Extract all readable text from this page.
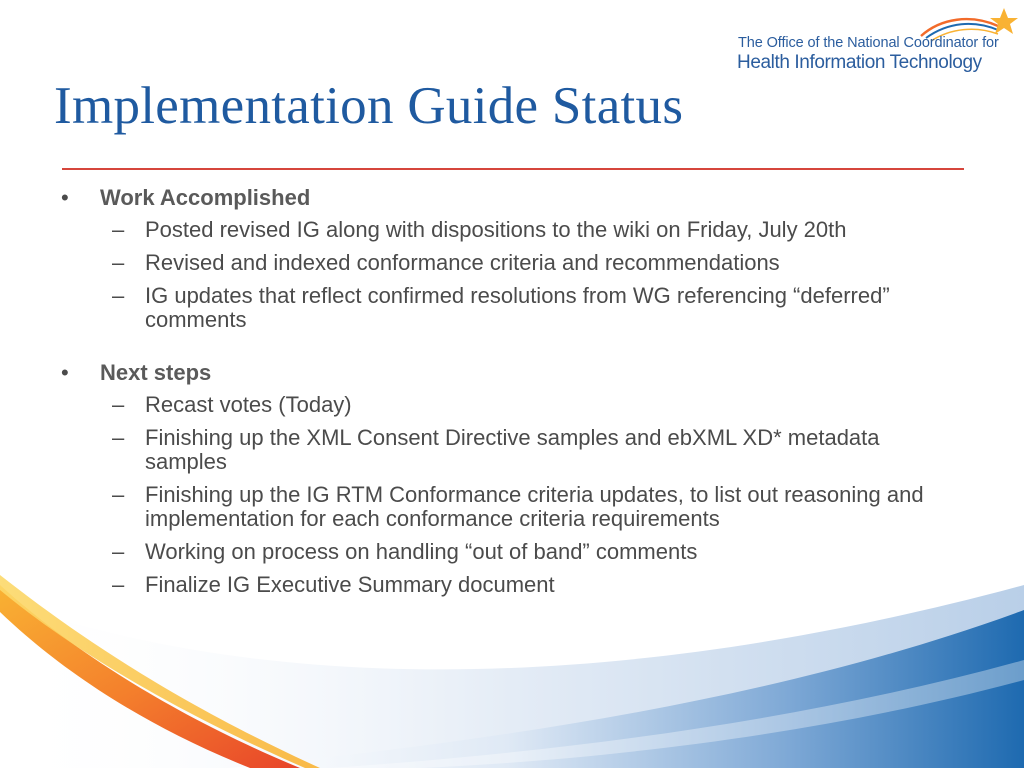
The Office of the National Coordinator for
Health Information Technology
Implementation Guide Status
•	Work Accomplished
– Posted revised IG along with dispositions to the wiki on Friday, July 20th
– Revised and indexed conformance criteria and recommendations
– IG updates that reflect confirmed resolutions from WG referencing “deferred” comments
•	Next steps
– Recast votes (Today)
– Finishing up the XML Consent Directive samples and ebXML XD* metadata samples
– Finishing up the IG RTM Conformance criteria updates, to list out reasoning and implementation for each conformance criteria requirements
– Working on process on handling “out of band” comments
– Finalize IG Executive Summary document
